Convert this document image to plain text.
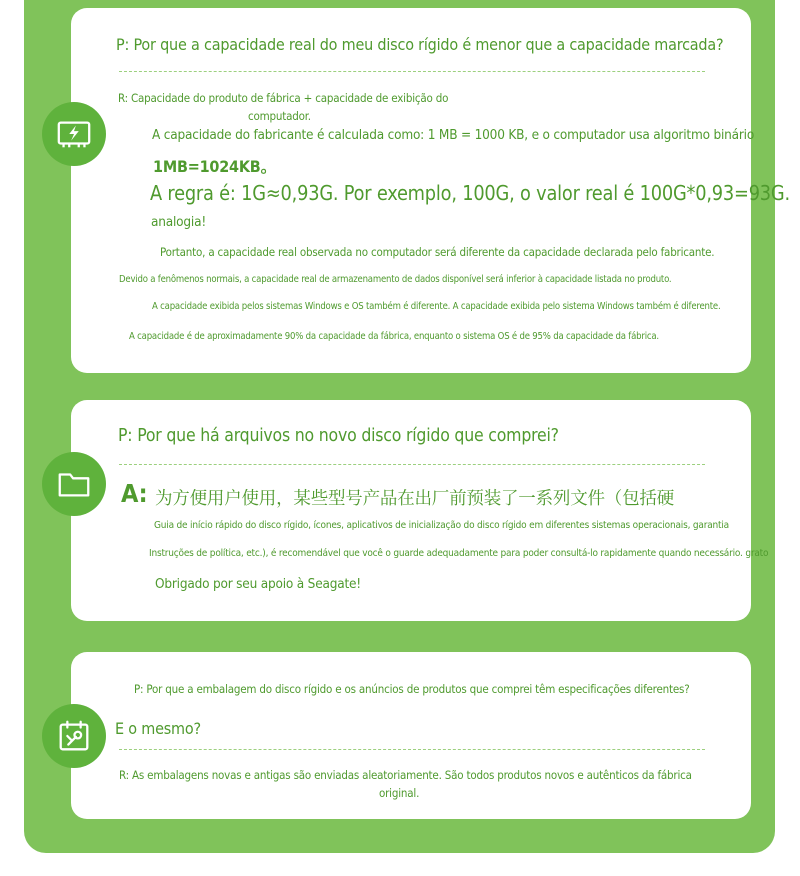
P: Por que a capacidade real do meu disco rígido é menor que a capacidade marcada?
R: Capacidade do produto de fábrica + capacidade de exibição do
computador.
A capacidade do fabricante é calculada como: 1 MB = 1000 KB, e o computador usa algoritmo binário
1MB=1024KB。
A regra é: 1G≈0,93G. Por exemplo, 100G, o valor real é 100G*0,93=93G.
analogia!
Portanto, a capacidade real observada no computador será diferente da capacidade declarada pelo fabricante.
Devido a fenômenos normais, a capacidade real de armazenamento de dados disponível será inferior à capacidade listada no produto.
A capacidade exibida pelos sistemas Windows e OS também é diferente. A capacidade exibida pelo sistema Windows também é diferente.
A capacidade é de aproximadamente 90% da capacidade da fábrica, enquanto o sistema OS é de 95% da capacidade da fábrica.
P: Por que há arquivos no novo disco rígido que comprei?
A: 为方便用户使用，某些型号产品在出厂前预装了一系列文件（包括硬
Guia de início rápido do disco rígido, ícones, aplicativos de inicialização do disco rígido em diferentes sistemas operacionais, garantia
Instruções de política, etc.), é recomendável que você o guarde adequadamente para poder consultá-lo rapidamente quando necessário. grato
Obrigado por seu apoio à Seagate!
P: Por que a embalagem do disco rígido e os anúncios de produtos que comprei têm especificações diferentes?
E o mesmo?
R: As embalagens novas e antigas são enviadas aleatoriamente. São todos produtos novos e autênticos da fábrica
original.
